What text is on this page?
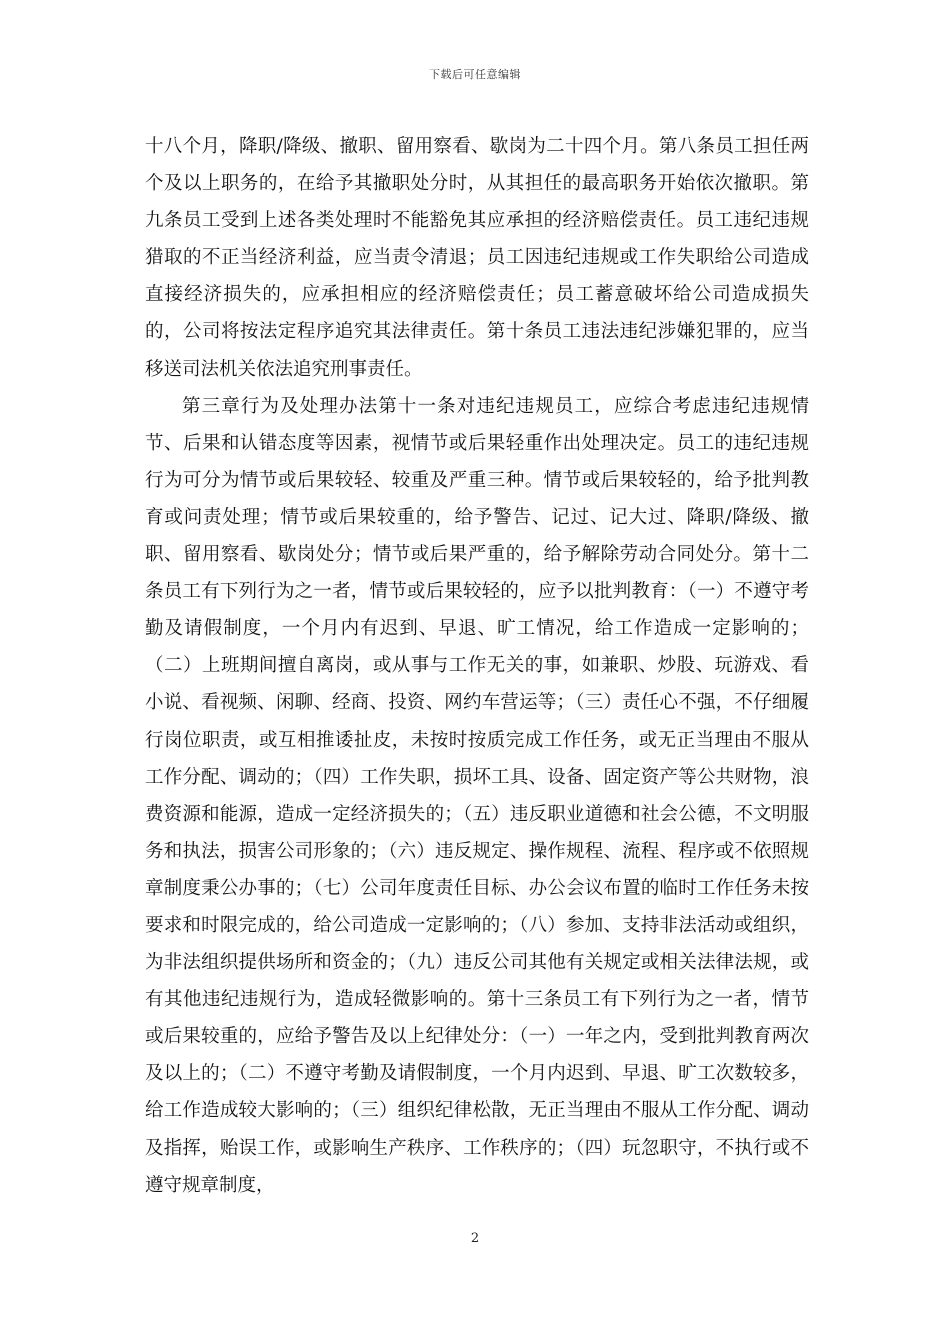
下载后可任意编辑

十八个月，降职/降级、撤职、留用察看、歇岗为二十四个月。第八条员工担任两个及以上职务的，在给予其撤职处分时，从其担任的最高职务开始依次撤职。第九条员工受到上述各类处理时不能豁免其应承担的经济赔偿责任。员工违纪违规猎取的不正当经济利益，应当责令清退；员工因违纪违规或工作失职给公司造成直接经济损失的，应承担相应的经济赔偿责任；员工蓄意破坏给公司造成损失的，公司将按法定程序追究其法律责任。第十条员工违法违纪涉嫌犯罪的，应当移送司法机关依法追究刑事责任。

第三章行为及处理办法第十一条对违纪违规员工，应综合考虑违纪违规情节、后果和认错态度等因素，视情节或后果轻重作出处理决定。员工的违纪违规行为可分为情节或后果较轻、较重及严重三种。情节或后果较轻的，给予批判教育或问责处理；情节或后果较重的，给予警告、记过、记大过、降职/降级、撤职、留用察看、歇岗处分；情节或后果严重的，给予解除劳动合同处分。第十二条员工有下列行为之一者，情节或后果较轻的，应予以批判教育：（一）不遵守考勤及请假制度，一个月内有迟到、早退、旷工情况，给工作造成一定影响的；（二）上班期间擅自离岗，或从事与工作无关的事，如兼职、炒股、玩游戏、看小说、看视频、闲聊、经商、投资、网约车营运等；（三）责任心不强，不仔细履行岗位职责，或互相推诿扯皮，未按时按质完成工作任务，或无正当理由不服从工作分配、调动的；（四）工作失职，损坏工具、设备、固定资产等公共财物，浪费资源和能源，造成一定经济损失的；（五）违反职业道德和社会公德，不文明服务和执法，损害公司形象的；（六）违反规定、操作规程、流程、程序或不依照规章制度秉公办事的；（七）公司年度责任目标、办公会议布置的临时工作任务未按要求和时限完成的，给公司造成一定影响的；（八）参加、支持非法活动或组织，为非法组织提供场所和资金的；（九）违反公司其他有关规定或相关法律法规，或有其他违纪违规行为，造成轻微影响的。第十三条员工有下列行为之一者，情节或后果较重的，应给予警告及以上纪律处分：（一）一年之内，受到批判教育两次及以上的；（二）不遵守考勤及请假制度，一个月内迟到、早退、旷工次数较多，给工作造成较大影响的；（三）组织纪律松散，无正当理由不服从工作分配、调动及指挥，贻误工作，或影响生产秩序、工作秩序的；（四）玩忽职守，不执行或不遵守规章制度，

2
